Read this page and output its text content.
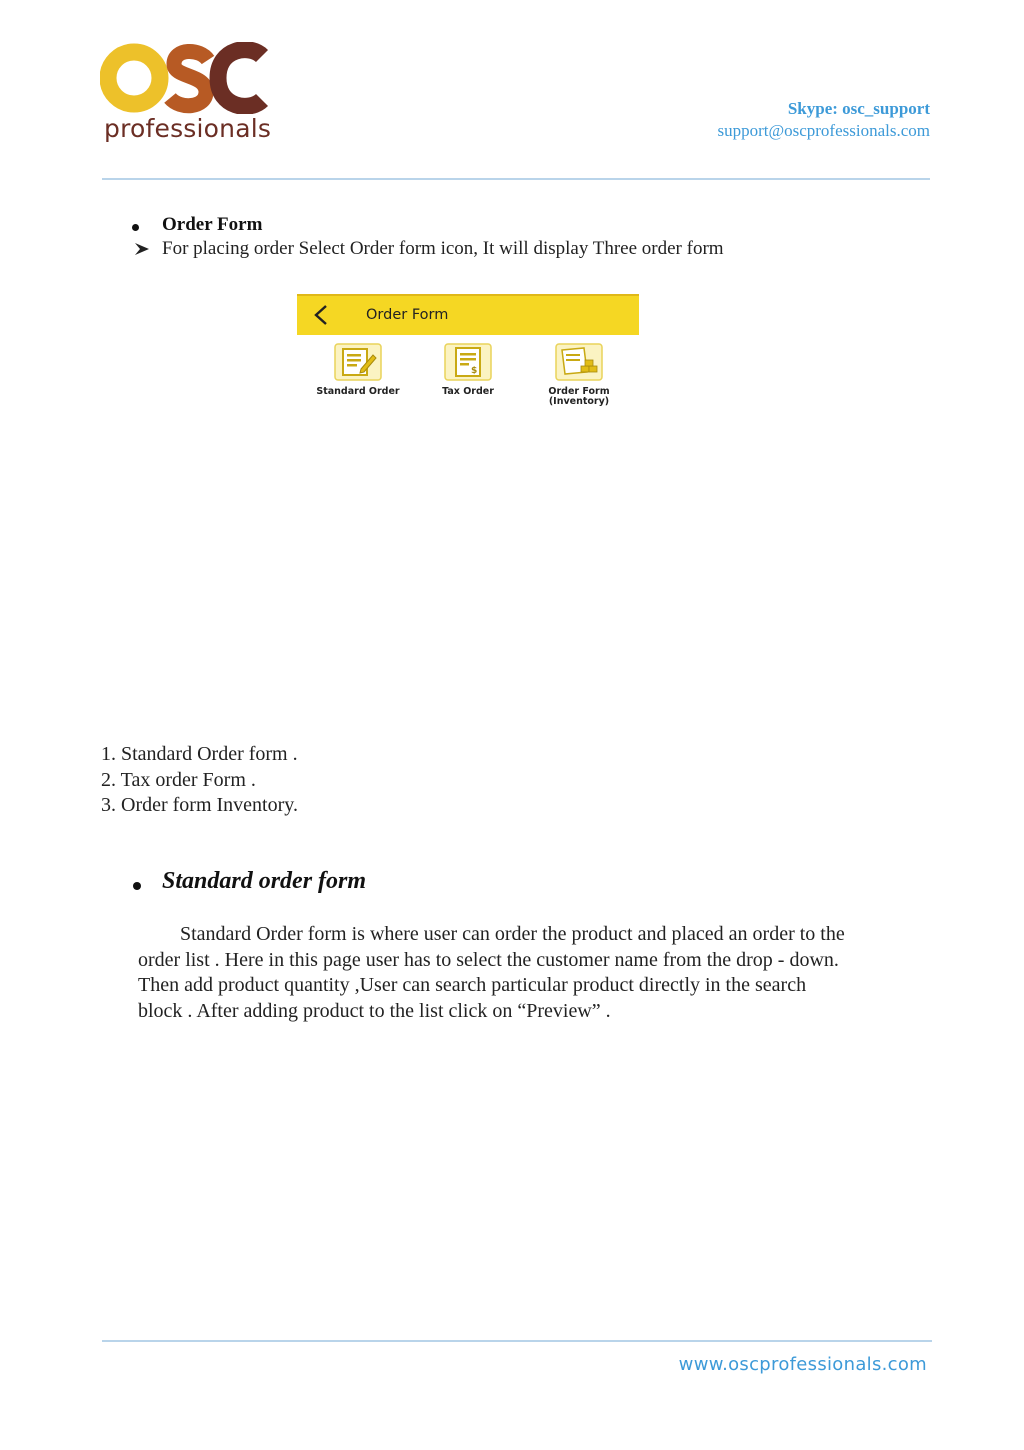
professionals
Skype: osc_support
support@oscprofessionals.com
Order Form
For placing order Select Order form icon, It will display Three order form
Order Form
Standard Order
$
Tax Order	Order Form
(Inventory)
1. Standard Order form .
2. Tax order Form .
3. Order form Inventory.
Standard order form
Standard Order form is where user can order the product and placed an order to the
order list . Here in this page user has to select the customer name from the drop - down.
Then add product quantity ,User can search particular product directly in the search
block . After adding product to the list click on “Preview” .
www.oscprofessionals.com
